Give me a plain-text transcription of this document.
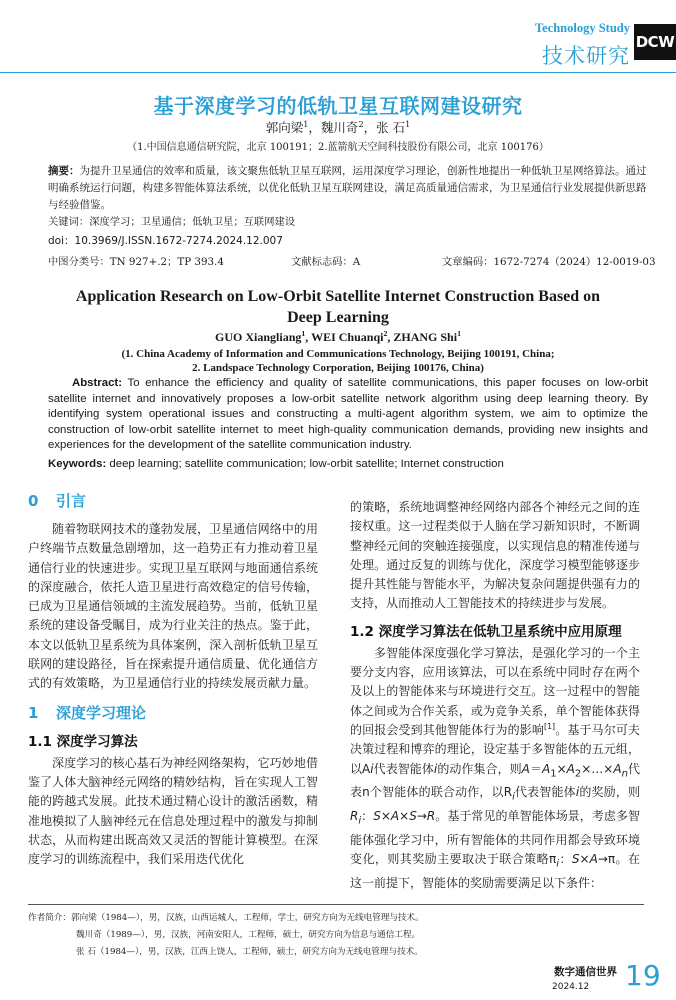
Technology Study
技术研究
DCW
基于深度学习的低轨卫星互联网建设研究
郭向梁$^1$，魏川奇$^2$，张 石$^1$
（1.中国信息通信研究院，北京 100191；2.蓝箭航天空间科技股份有限公司，北京 100176）
摘要：为提升卫星通信的效率和质量，该文聚焦低轨卫星互联网，运用深度学习理论，创新性地提出一种低轨卫星网络算法。通过明确系统运行问题，构建多智能体算法系统，以优化低轨卫星互联网建设，满足高质量通信需求，为卫星通信行业发展提供新思路与经验借鉴。
关键词：深度学习；卫星通信；低轨卫星；互联网建设
doi：10.3969/J.ISSN.1672-7274.2024.12.007
中图分类号：TN 927+.2；TP 393.4	文献标志码：A	文章编码：1672-7274（2024）12-0019-03
Application Research on Low-Orbit Satellite Internet Construction Based on
Deep Learning
GUO Xiangliang$^1$, WEI Chuanqi$^2$, ZHANG Shi$^1$
(1. China Academy of Information and Communications Technology, Beijing 100191, China;
2. Landspace Technology Corporation, Beijing 100176, China)
Abstract: To enhance the efficiency and quality of satellite communications, this paper focuses on low-orbit satellite internet and innovatively proposes a low-orbit satellite network algorithm using deep learning theory. By identifying system operational issues and constructing a multi-agent algorithm system, we aim to optimize the construction of low-orbit satellite internet to meet high-quality communication demands, providing new insights and experiences for the development of the satellite communication industry.
Keywords: deep learning; satellite communication; low-orbit satellite; Internet construction
0 引言

随着物联网技术的蓬勃发展，卫星通信网络中的用户终端节点数量急剧增加，这一趋势正有力推动着卫星通信行业的快速进步。实现卫星互联网与地面通信系统的深度融合，依托人造卫星进行高效稳定的信号传输，已成为卫星通信领域的主流发展趋势。当前，低轨卫星系统的建设备受瞩目，成为行业关注的热点。鉴于此，本文以低轨卫星系统为具体案例，深入剖析低轨卫星互联网的建设路径，旨在探索提升通信质量、优化通信方式的有效策略，为卫星通信行业的持续发展贡献力量。

1 深度学习理论
1.1 深度学习算法

深度学习的核心基石为神经网络架构，它巧妙地借鉴了人体大脑神经元网络的精妙结构，旨在实现人工智能的跨越式发展。此技术通过精心设计的激活函数，精准地模拟了人脑神经元在信息处理过程中的激发与抑制状态，从而构建出既高效又灵活的智能计算模型。在深度学习的训练流程中，我们采用迭代优化

的策略，系统地调整神经网络内部各个神经元之间的连接权重。这一过程类似于人脑在学习新知识时，不断调整神经元间的突触连接强度，以实现信息的精准传递与处理。通过反复的训练与优化，深度学习模型能够逐步提升其性能与智能水平，为解决复杂问题提供强有力的支持，从而推动人工智能技术的持续进步与发展。

1.2 深度学习算法在低轨卫星系统中应用原理

多智能体深度强化学习算法，是强化学习的一个主要分支内容，应用该算法，可以在系统中同时存在两个及以上的智能体来与环境进行交互。这一过程中的智能体之间或为合作关系，或为竞争关系，单个智能体获得的回报会受到其他智能体行为的影响[1]。基于马尔可夫决策过程和博弈的理论，设定基于多智能体的五元组，以Ai代表智能体i的动作集合，则$A=A_1\times A_2\times\dots\times A_n$代表n个智能体的联合动作，以$R_i$代表智能体i的奖励，则$R_i$：S×A×S→R。基于常见的单智能体场景，考虑多智能体强化学习中，所有智能体的共同作用都会导致环境变化，则其奖励主要取决于联合策略$\pi_i$：S×A→π。在这一前提下，智能体的奖励需要满足以下条件：

作者简介：郭向梁（1984—），男，汉族，山西运城人，工程师，学士，研究方向为无线电管理与技术。
魏川奇（1989—），男，汉族，河南安阳人，工程师，硕士，研究方向为信息与通信工程。
张 石（1984—），男，汉族，江西上饶人，工程师，硕士，研究方向为无线电管理与技术。
数字通信世界
2024.12 19
